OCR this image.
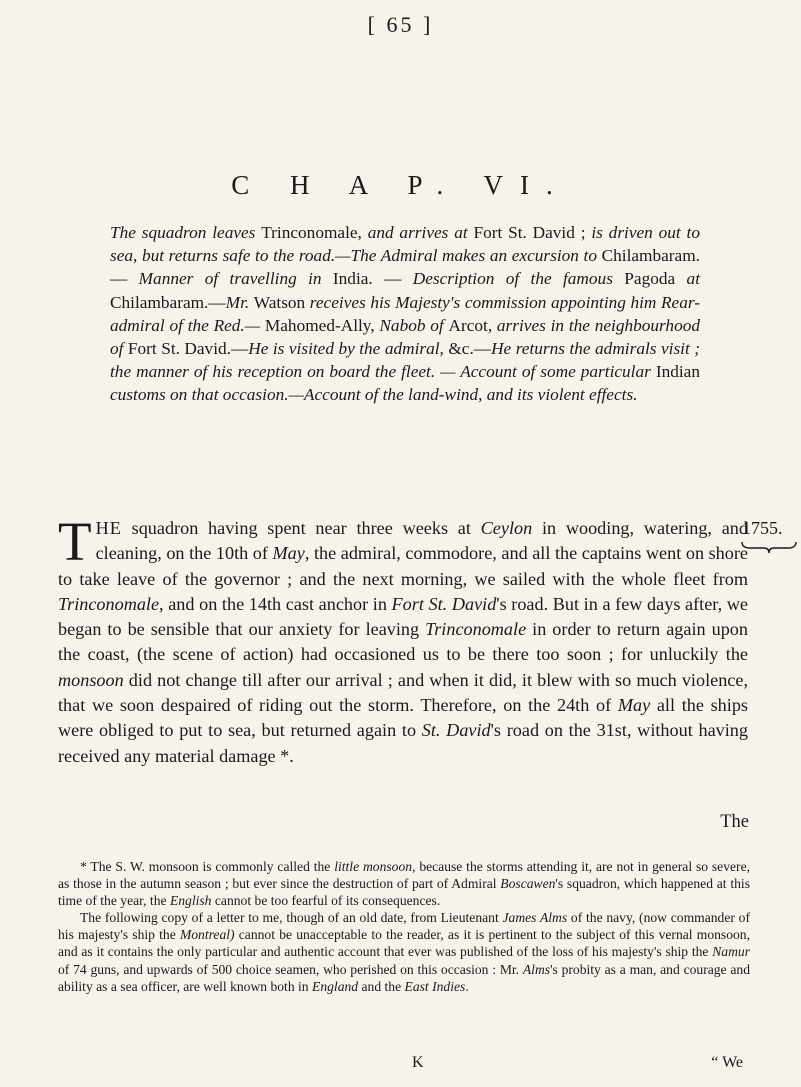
[ 65 ]
C H A P. VI.
The squadron leaves Trinconomale, and arrives at Fort St. David ; is driven out to sea, but returns safe to the road.—The Admiral makes an excursion to Chilambaram. — Manner of travelling in India. — Description of the famous Pagoda at Chilambaram.—Mr. Watson receives his Majesty's commission appointing him Rear-admiral of the Red.— Mahomed-Ally, Nabob of Arcot, arrives in the neighbourhood of Fort St. David.—He is visited by the admiral, &c.—He returns the admirals visit ; the manner of his reception on board the fleet. — Account of some particular Indian customs on that occasion.—Account of the land-wind, and its violent effects.
1755.
THE squadron having spent near three weeks at Ceylon in wooding, watering, and cleaning, on the 10th of May, the admiral, commodore, and all the captains went on shore to take leave of the governor ; and the next morning, we sailed with the whole fleet from Trinconomale, and on the 14th cast anchor in Fort St. David's road. But in a few days after, we began to be sensible that our anxiety for leaving Trinconomale in order to return again upon the coast, (the scene of action) had occasioned us to be there too soon ; for unluckily the monsoon did not change till after our arrival ; and when it did, it blew with so much violence, that we soon despaired of riding out the storm. Therefore, on the 24th of May all the ships were obliged to put to sea, but returned again to St. David's road on the 31st, without having received any material damage *.
The

* The S. W. monsoon is commonly called the little monsoon, because the storms attending it, are not in general so severe, as those in the autumn season ; but ever since the destruction of part of Admiral Boscawen's squadron, which happened at this time of the year, the English cannot be too fearful of its consequences.

The following copy of a letter to me, though of an old date, from Lieutenant James Alms of the navy, (now commander of his majesty's ship the Montreal) cannot be unacceptable to the reader, as it is pertinent to the subject of this vernal monsoon, and as it contains the only particular and authentic account that ever was published of the loss of his majesty's ship the Namur of 74 guns, and upwards of 500 choice seamen, who perished on this occasion : Mr. Alms's probity as a man, and courage and ability as a sea officer, are well known both in England and the East Indies.

K	“ We
